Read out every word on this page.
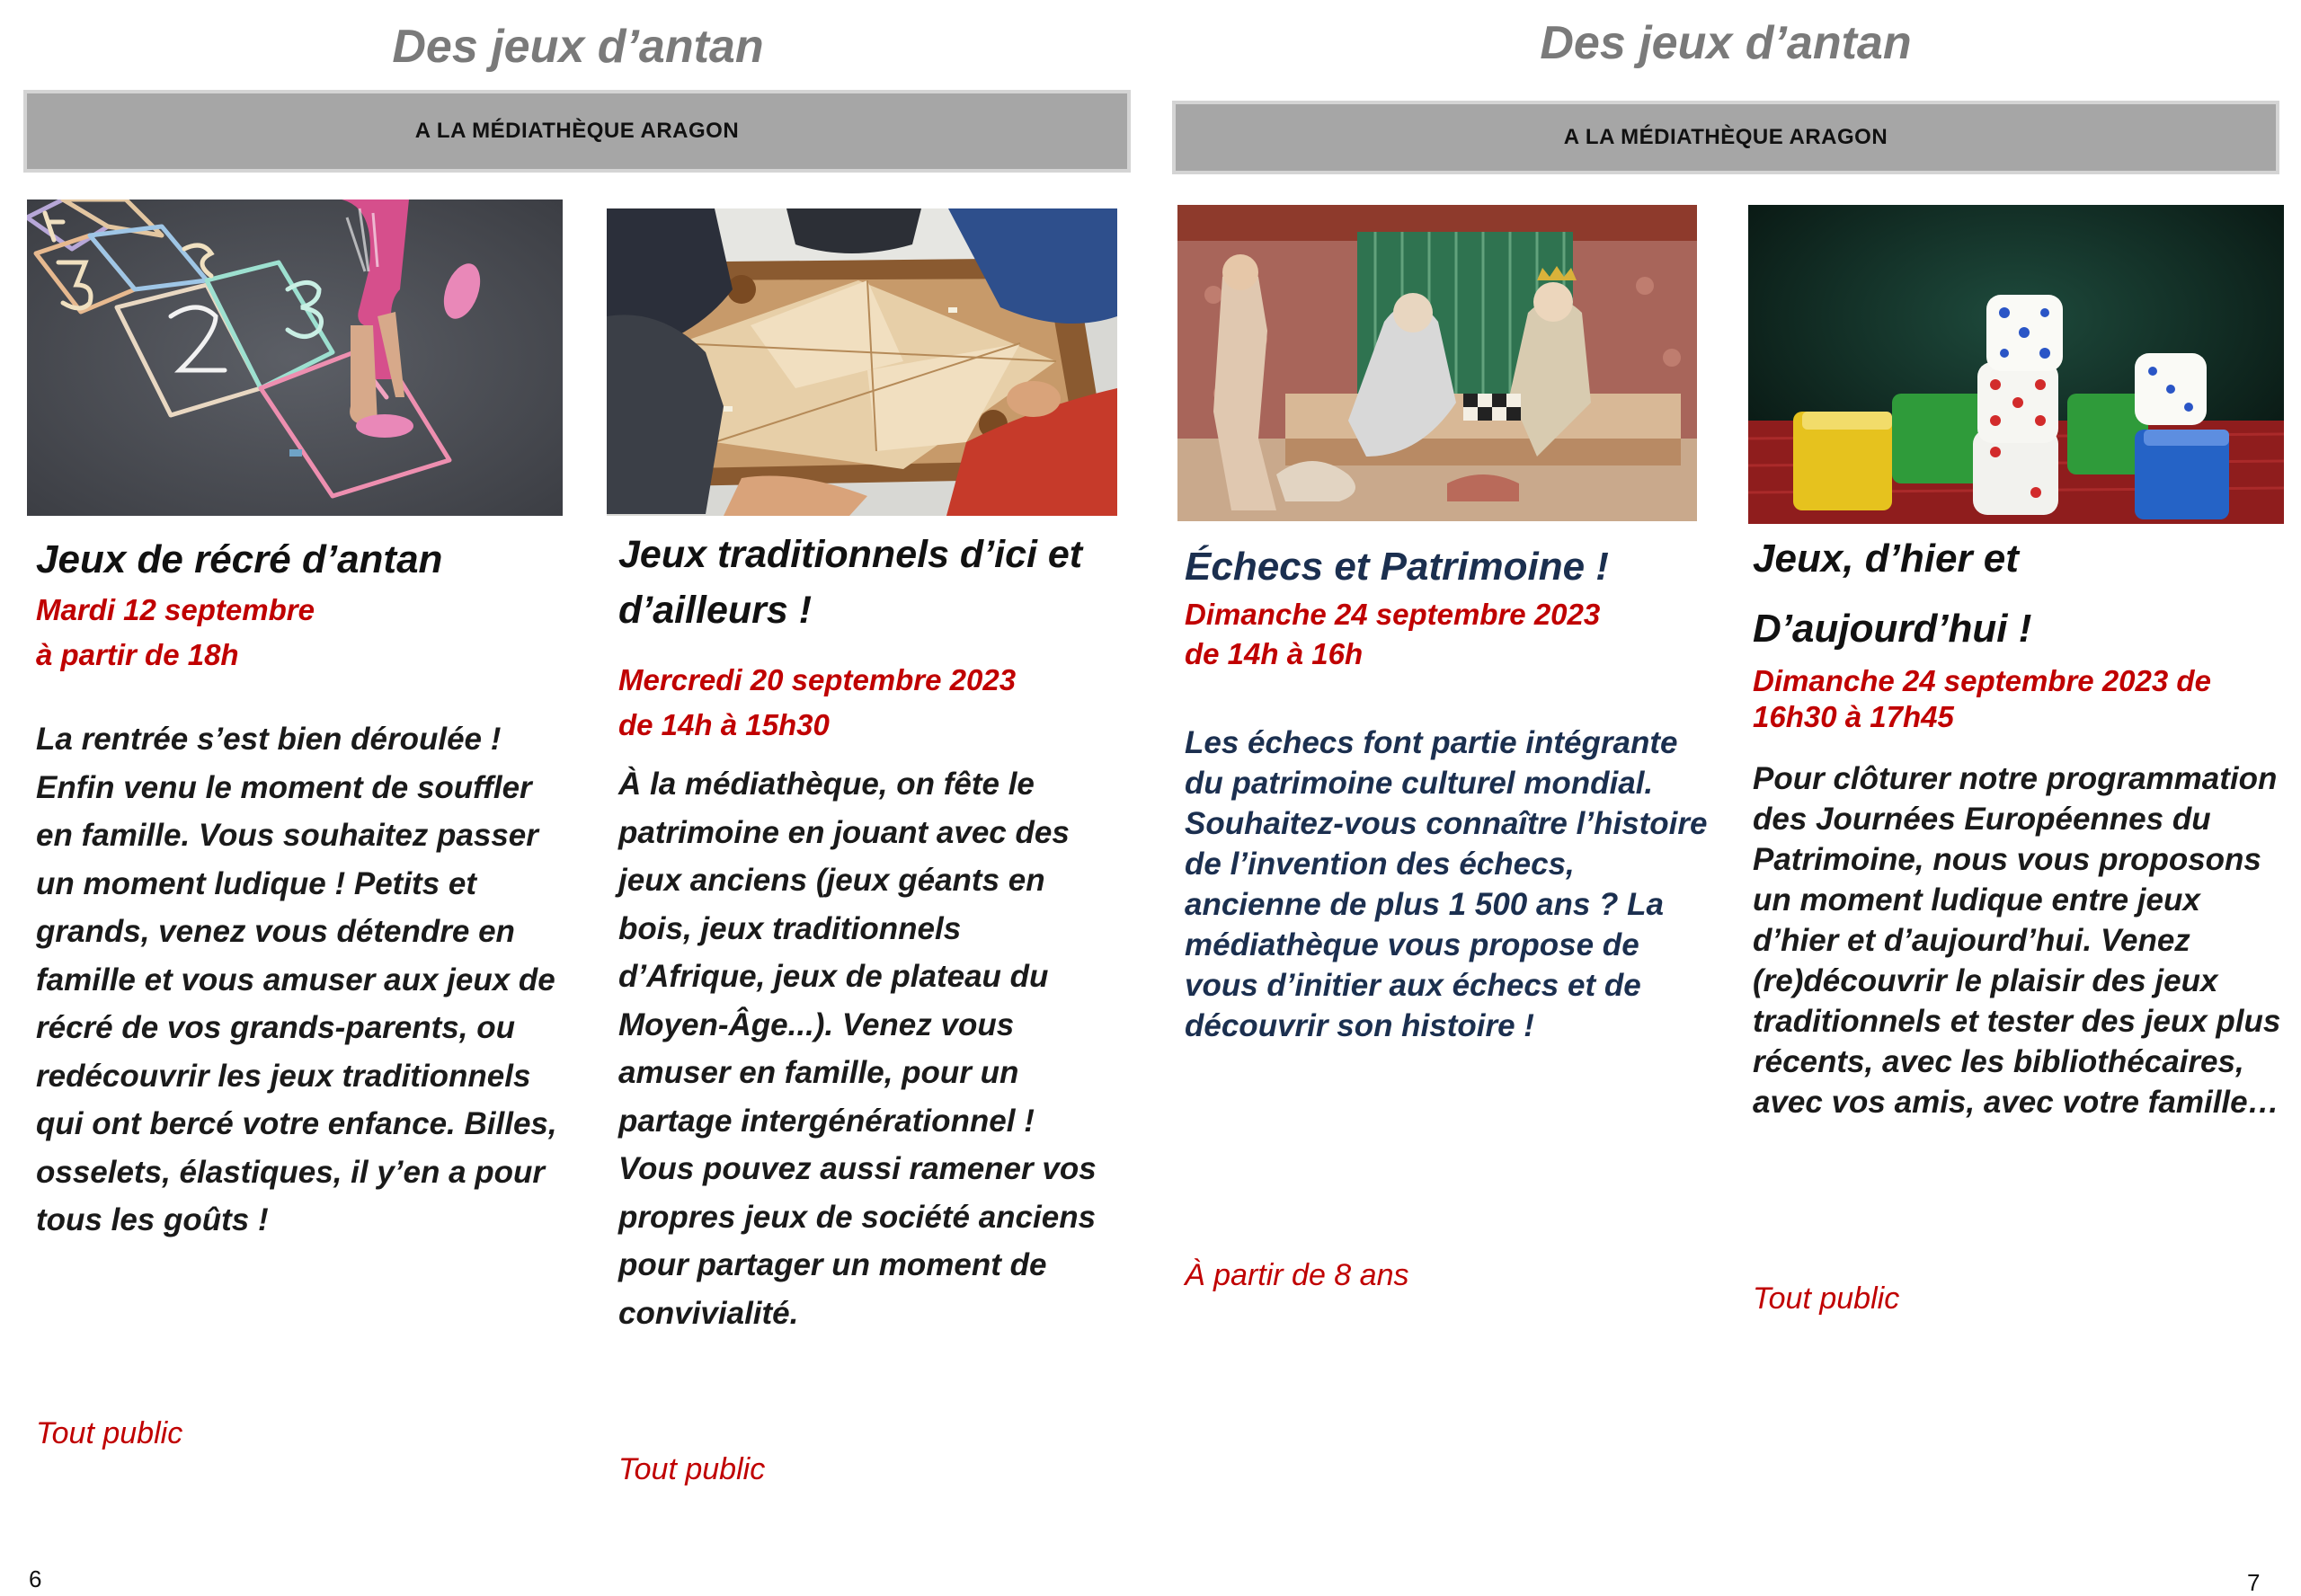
Des jeux d’antan
A LA MÉDIATHÈQUE ARAGON
Jeux de récré d’antan
Mardi 12 septembre
à partir de 18h
La rentrée s’est bien déroulée ! Enfin venu le moment de souffler en famille. Vous souhaitez passer un moment ludique ! Petits et grands, venez vous détendre en famille et vous amuser aux jeux de récré de vos grands-parents, ou redécouvrir les jeux traditionnels qui ont bercé votre enfance. Billes, osselets, élastiques, il y’en a pour tous les goûts !
Tout public
Jeux traditionnels d’ici et d’ailleurs !
Mercredi 20 septembre 2023
de 14h à 15h30
À la médiathèque, on fête le patrimoine en jouant avec des jeux anciens (jeux géants en bois, jeux traditionnels d’Afrique, jeux de plateau du Moyen-Âge...). Venez vous amuser en famille, pour un partage intergénérationnel ! Vous pouvez aussi ramener vos propres jeux de société anciens pour partager un moment de convivialité.
Tout public
6
Des jeux d’antan
A LA MÉDIATHÈQUE ARAGON
Échecs et Patrimoine !
Dimanche 24 septembre 2023
de 14h à 16h
Les échecs font partie intégrante du patrimoine culturel mondial. Souhaitez-vous connaître l’histoire de l’invention des échecs, ancienne de plus 1 500 ans ? La médiathèque vous propose de vous d’initier aux échecs et de découvrir son histoire !
À partir de 8 ans
Jeux, d’hier et
D’aujourd’hui !
Dimanche 24 septembre 2023 de
16h30 à 17h45
Pour clôturer notre programmation des Journées Européennes du Patrimoine, nous vous proposons un moment ludique entre jeux d’hier et d’aujourd’hui. Venez (re)découvrir le plaisir des jeux traditionnels et tester des jeux plus récents, avec les bibliothécaires, avec vos amis, avec votre famille…
Tout public
7
